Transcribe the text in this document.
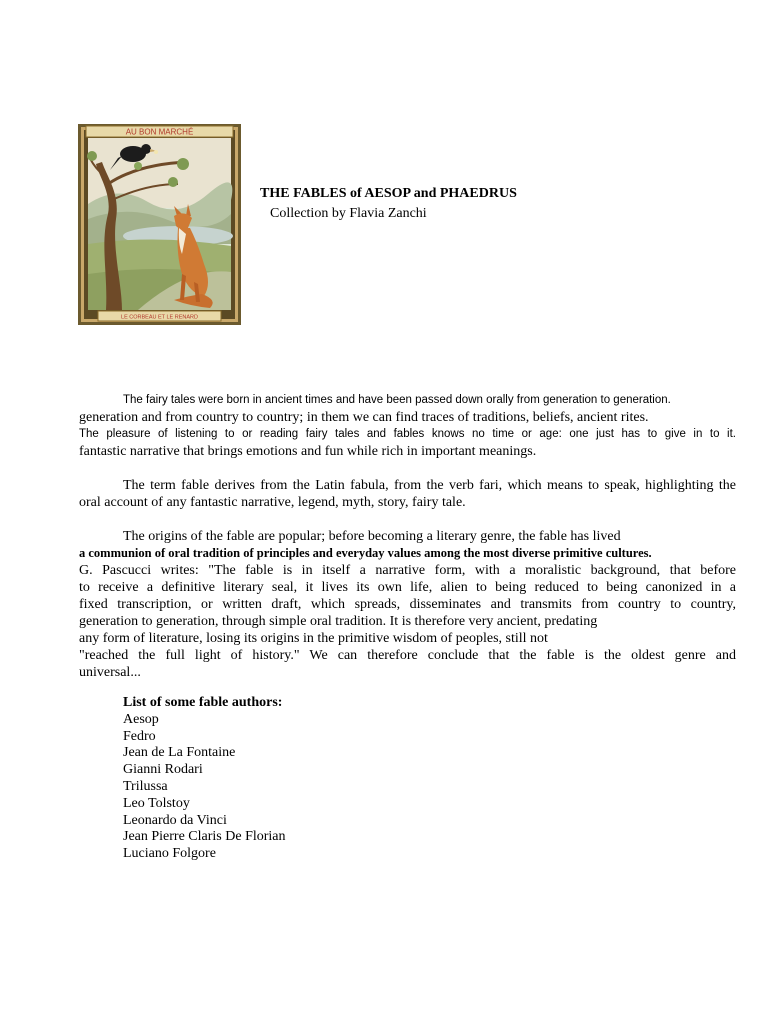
AU BON MARCHÉ
LE CORBEAU ET LE RENARD
THE FABLES of AESOP and PHAEDRUS
Collection by Flavia Zanchi
The fairy tales were born in ancient times and have been passed down orally from generation to generation.
generation and from country to country; in them we can find traces of traditions, beliefs, ancient rites.
The pleasure of listening to or reading fairy tales and fables knows no time or age: one just has to give in to it.
fantastic narrative that brings emotions and fun while rich in important meanings.
The term fable derives from the Latin fabula, from the verb fari, which means to speak, highlighting the
oral account of any fantastic narrative, legend, myth, story, fairy tale.
The origins of the fable are popular; before becoming a literary genre, the fable has lived
a communion of oral tradition of principles and everyday values among the most diverse primitive cultures.
G. Pascucci writes: "The fable is in itself a narrative form, with a moralistic background, that before
to receive a definitive literary seal, it lives its own life, alien to being reduced to being canonized in a
fixed transcription, or written draft, which spreads, disseminates and transmits from country to country,
generation to generation, through simple oral tradition. It is therefore very ancient, predating
any form of literature, losing its origins in the primitive wisdom of peoples, still not
"reached the full light of history." We can therefore conclude that the fable is the oldest genre and
universal...
List of some fable authors:
Aesop
Fedro
Jean de La Fontaine
Gianni Rodari
Trilussa
Leo Tolstoy
Leonardo da Vinci
Jean Pierre Claris De Florian
Luciano Folgore
